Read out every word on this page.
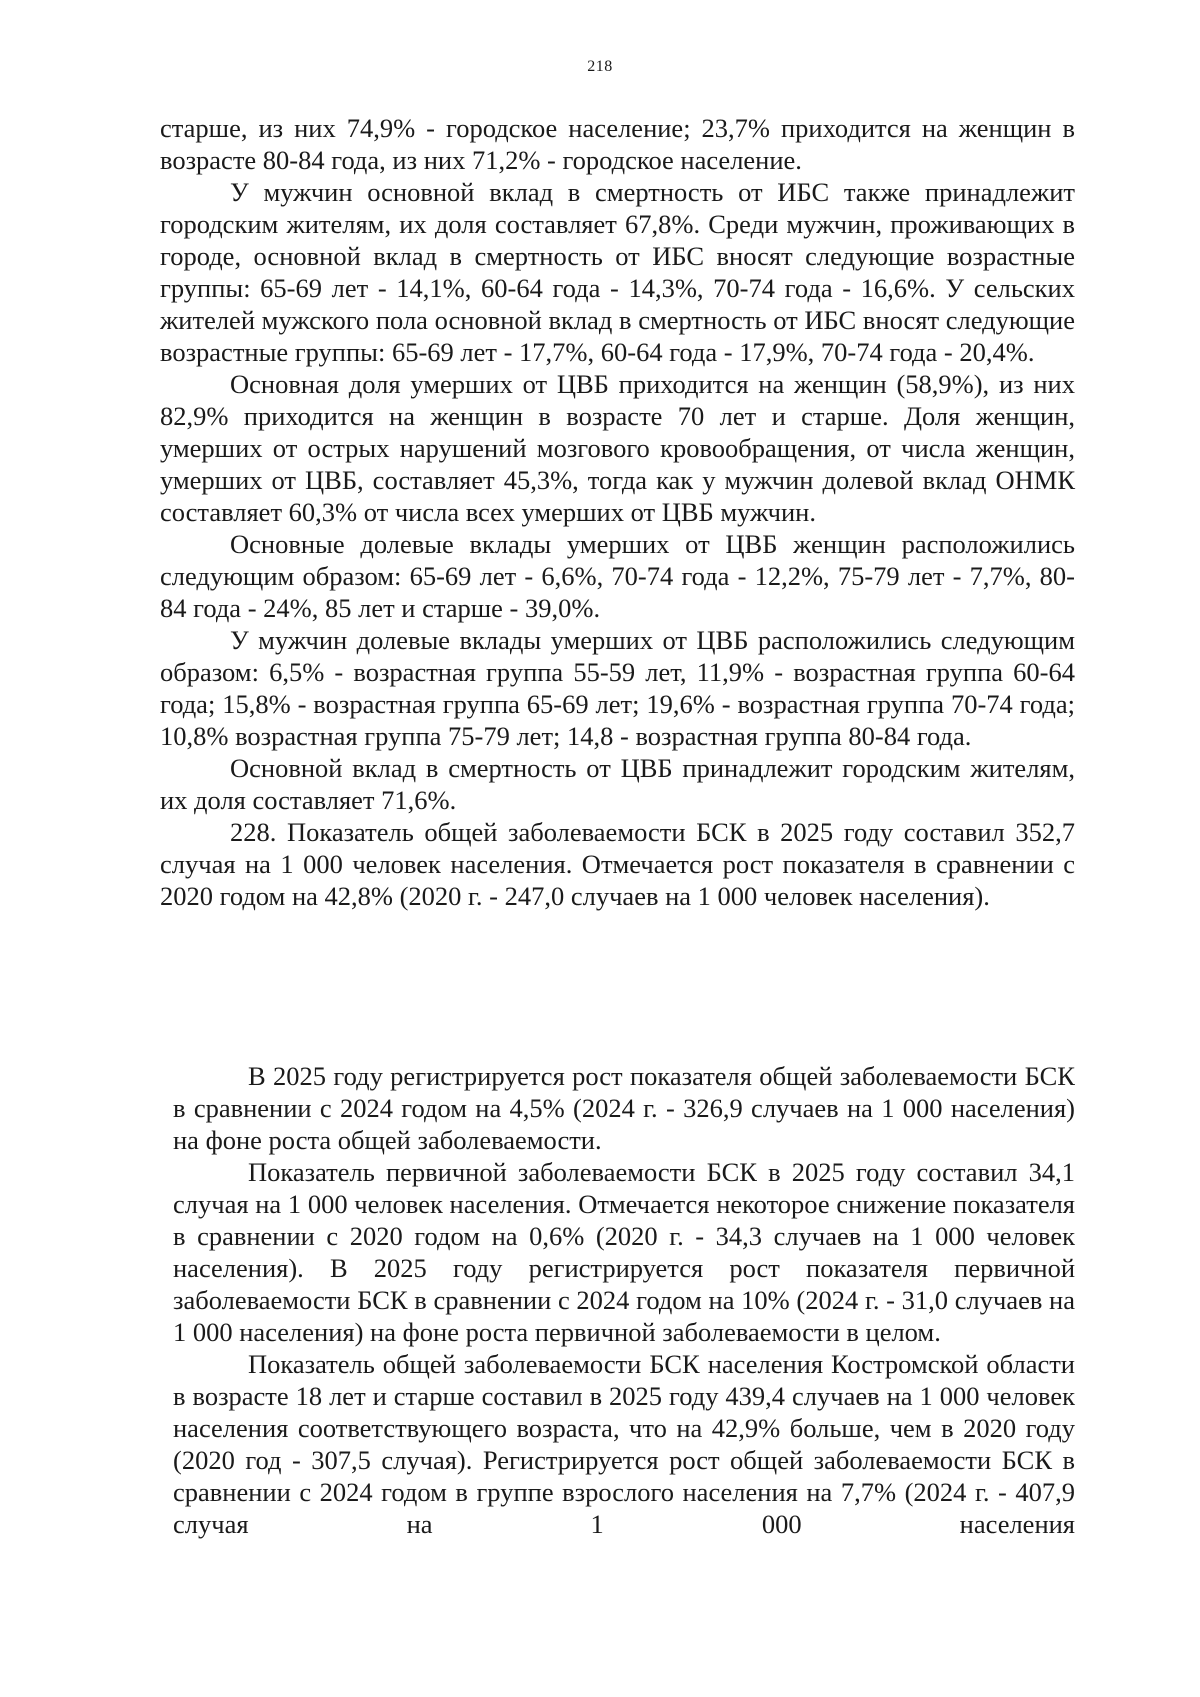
218

старше, из них 74,9% - городское население; 23,7% приходится на женщин в возрасте 80-84 года, из них 71,2% - городское население.

У мужчин основной вклад в смертность от ИБС также принадлежит городским жителям, их доля составляет 67,8%. Среди мужчин, проживающих в городе, основной вклад в смертность от ИБС вносят следующие возрастные группы: 65-69 лет - 14,1%, 60-64 года - 14,3%, 70-74 года - 16,6%. У сельских жителей мужского пола основной вклад в смертность от ИБС вносят следующие возрастные группы: 65-69 лет - 17,7%, 60-64 года - 17,9%, 70-74 года - 20,4%.

Основная доля умерших от ЦВБ приходится на женщин (58,9%), из них 82,9% приходится на женщин в возрасте 70 лет и старше. Доля женщин, умерших от острых нарушений мозгового кровообращения, от числа женщин, умерших от ЦВБ, составляет 45,3%, тогда как у мужчин долевой вклад ОНМК составляет 60,3% от числа всех умерших от ЦВБ мужчин.

Основные долевые вклады умерших от ЦВБ женщин расположились следующим образом: 65-69 лет - 6,6%, 70-74 года - 12,2%, 75-79 лет - 7,7%, 80-84 года - 24%, 85 лет и старше - 39,0%.

У мужчин долевые вклады умерших от ЦВБ расположились следующим образом: 6,5% - возрастная группа 55-59 лет, 11,9% - возрастная группа 60-64 года; 15,8% - возрастная группа 65-69 лет; 19,6% - возрастная группа 70-74 года; 10,8% возрастная группа 75-79 лет; 14,8 - возрастная группа 80-84 года.

Основной вклад в смертность от ЦВБ принадлежит городским жителям, их доля составляет 71,6%.

228. Показатель общей заболеваемости БСК в 2025 году составил 352,7 случая на 1 000 человек населения. Отмечается рост показателя в сравнении с 2020 годом на 42,8% (2020 г. - 247,0 случаев на 1 000 человек населения).

В 2025 году регистрируется рост показателя общей заболеваемости БСК в сравнении с 2024 годом на 4,5% (2024 г. - 326,9 случаев на 1 000 населения) на фоне роста общей заболеваемости.

Показатель первичной заболеваемости БСК в 2025 году составил 34,1 случая на 1 000 человек населения. Отмечается некоторое снижение показателя в сравнении с 2020 годом на 0,6% (2020 г. - 34,3 случаев на 1 000 человек населения). В 2025 году регистрируется рост показателя первичной заболеваемости БСК в сравнении с 2024 годом на 10% (2024 г. - 31,0 случаев на 1 000 населения) на фоне роста первичной заболеваемости в целом.

Показатель общей заболеваемости БСК населения Костромской области в возрасте 18 лет и старше составил в 2025 году 439,4 случаев на 1 000 человек населения соответствующего возраста, что на 42,9% больше, чем в 2020 году (2020 год - 307,5 случая). Регистрируется рост общей заболеваемости БСК в сравнении с 2024 годом в группе взрослого населения на 7,7% (2024 г. - 407,9 случая на 1 000 населения
